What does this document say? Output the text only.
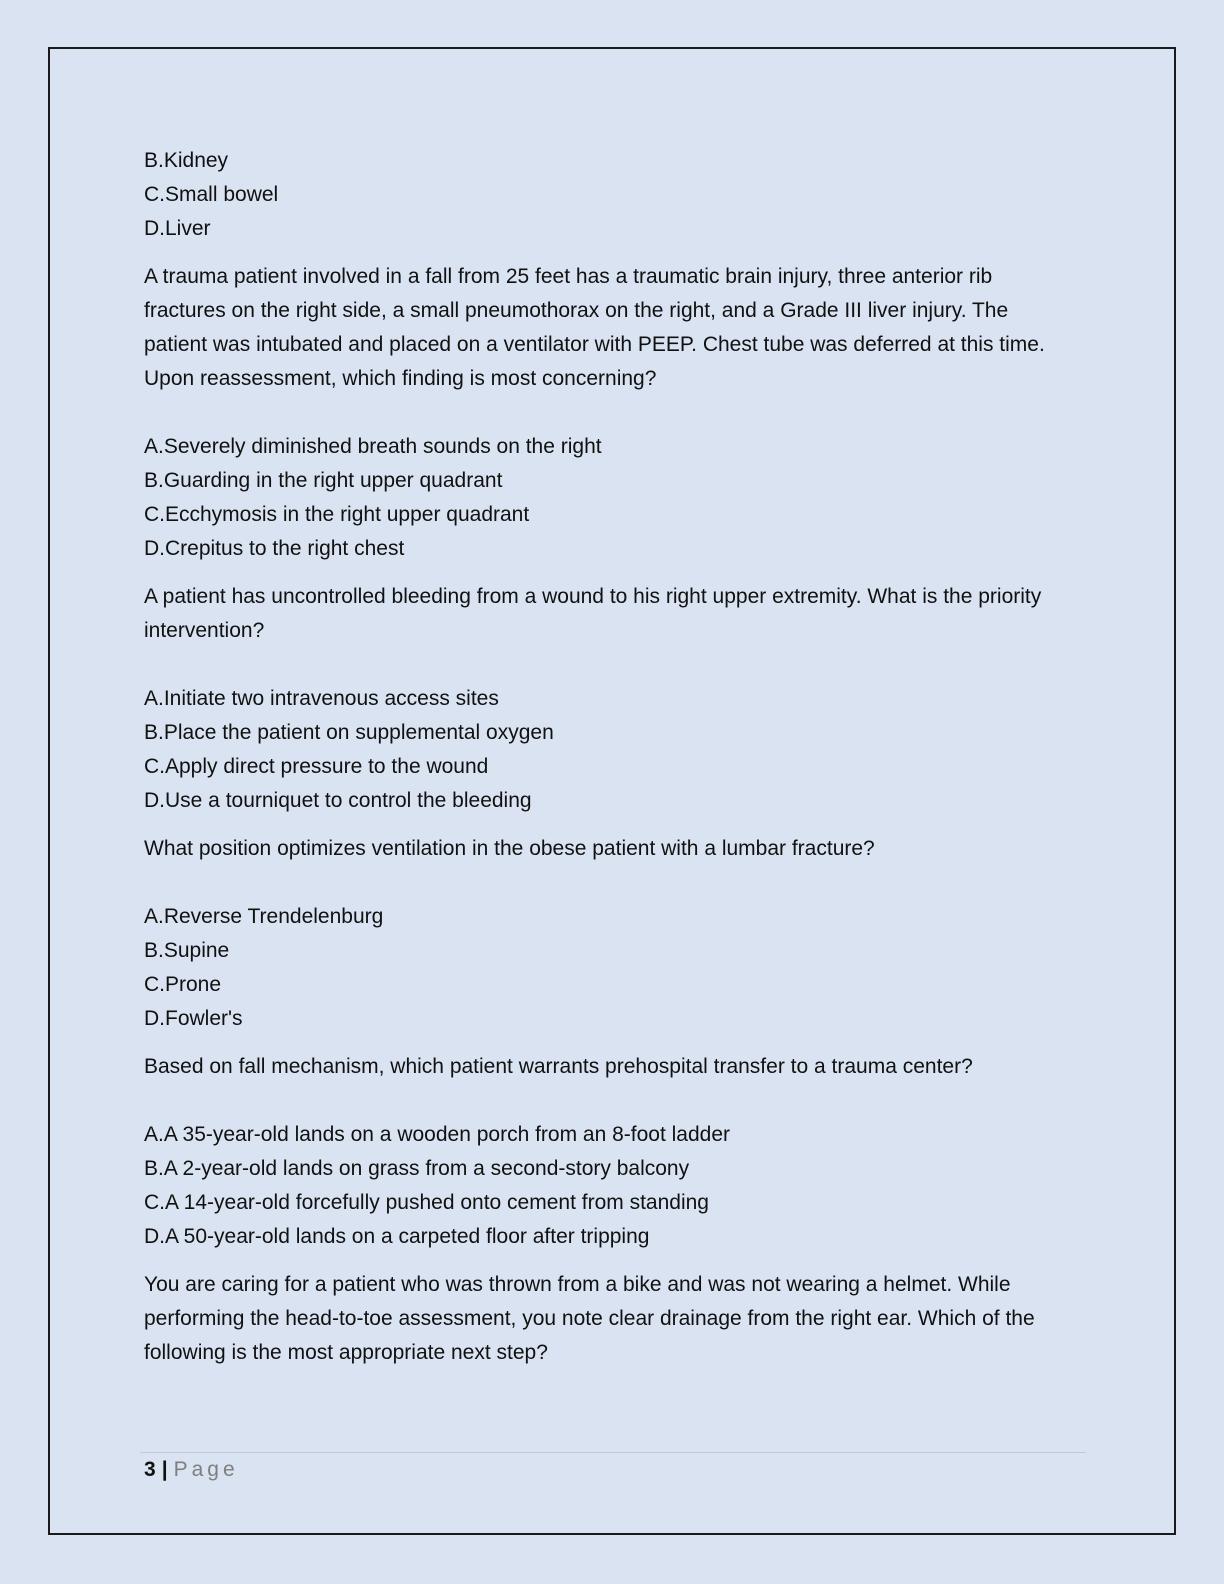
B.Kidney

C.Small bowel

D.Liver

A trauma patient involved in a fall from 25 feet has a traumatic brain injury, three anterior rib fractures on the right side, a small pneumothorax on the right, and a Grade III liver injury. The patient was intubated and placed on a ventilator with PEEP. Chest tube was deferred at this time. Upon reassessment, which finding is most concerning?

A.Severely diminished breath sounds on the right

B.Guarding in the right upper quadrant

C.Ecchymosis in the right upper quadrant

D.Crepitus to the right chest

A patient has uncontrolled bleeding from a wound to his right upper extremity. What is the priority intervention?

A.Initiate two intravenous access sites

B.Place the patient on supplemental oxygen

C.Apply direct pressure to the wound

D.Use a tourniquet to control the bleeding

What position optimizes ventilation in the obese patient with a lumbar fracture?

A.Reverse Trendelenburg

B.Supine

C.Prone

D.Fowler's

Based on fall mechanism, which patient warrants prehospital transfer to a trauma center?

A.A 35-year-old lands on a wooden porch from an 8-foot ladder

B.A 2-year-old lands on grass from a second-story balcony

C.A 14-year-old forcefully pushed onto cement from standing

D.A 50-year-old lands on a carpeted floor after tripping

You are caring for a patient who was thrown from a bike and was not wearing a helmet. While performing the head-to-toe assessment, you note clear drainage from the right ear. Which of the following is the most appropriate next step?

3 | Page
